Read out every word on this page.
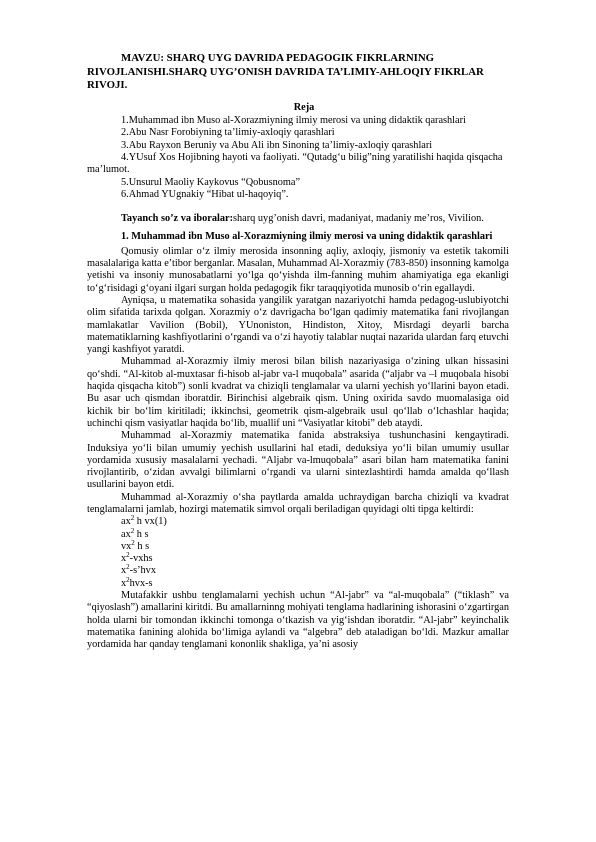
MAVZU: SHARQ UYG DAVRIDA PEDAGOGIK FIKRLARNING RIVOJLANISHI.SHARQ UYG’ONISH DAVRIDA TA’LIMIY-AHLOQIY FIKRLAR RIVOJI.

Reja

1.Muhammad ibn Muso al-Xorazmiyning ilmiy merosi va uning didaktik qarashlari
2.Abu Nasr Forobiyning ta’limiy-axloqiy qarashlari
3.Abu Rayxon Beruniy va Abu Ali ibn Sinoning ta’limiy-axloqiy qarashlari
4.YUsuf Xos Hojibning hayoti va faoliyati. “Qutadg‘u bilig”ning yaratilishi haqida qisqacha ma’lumot.
5.Unsurul Maoliy Kaykovus “Qobusnoma”
6.Ahmad YUgnakiy “Hibat ul-haqoyiq”.

Tayanch so’z va iboralar:sharq uyg’onish davri, madaniyat, madaniy me’ros, Vivilion.

1. Muhammad ibn Muso al-Xorazmiyning ilmiy merosi va uning didaktik qarashlari

Qomusiy olimlar o‘z ilmiy merosida insonning aqliy, axloqiy, jismoniy va estetik takomili masalalariga katta e’tibor berganlar. Masalan, Muhammad Al-Xorazmiy (783-850) insonning kamolga yetishi va insoniy munosabatlarni yo‘lga qo‘yishda ilm-fanning muhim ahamiyatiga ega ekanligi to‘g‘risidagi g‘oyani ilgari surgan holda pedagogik fikr taraqqiyotida munosib o‘rin egallaydi.

Ayniqsa, u matematika sohasida yangilik yaratgan nazariyotchi hamda pedagog-uslubiyotchi olim sifatida tarixda qolgan. Xorazmiy o‘z davrigacha bo‘lgan qadimiy matematika fani rivojlangan mamlakatlar Vavilion (Bobil), YUnoniston, Hindiston, Xitoy, Misrdagi deyarli barcha matematiklarning kashfiyotlarini o‘rgandi va o‘zi hayotiy talablar nuqtai nazarida ulardan farq etuvchi yangi kashfiyot yaratdi.

Muhammad al-Xorazmiy ilmiy merosi bilan bilish nazariyasiga o‘zining ulkan hissasini qo‘shdi. “Al-kitob al-muxtasar fi-hisob al-jabr va-l muqobala” asarida (“aljabr va –l muqobala hisobi haqida qisqacha kitob”) sonli kvadrat va chiziqli tenglamalar va ularni yechish yo‘llarini bayon etadi. Bu asar uch qismdan iboratdir. Birinchisi algebraik qism. Uning oxirida savdo muomalasiga oid kichik bir bo‘lim kiritiladi; ikkinchsi, geometrik qism-algebraik usul qo‘llab o‘lchashlar haqida; uchinchi qism vasiyatlar haqida bo‘lib, muallif uni “Vasiyatlar kitobi” deb ataydi.

Muhammad al-Xorazmiy matematika fanida abstraksiya tushunchasini kengaytiradi. Induksiya yo‘li bilan umumiy yechish usullarini hal etadi, deduksiya yo‘li bilan umumiy usullar yordamida xususiy masalalarni yechadi. “Aljabr va-lmuqobala” asari bilan ham matematika fanini rivojlantirib, o‘zidan avvalgi bilimlarni o‘rgandi va ularni sintezlashtirdi hamda amalda qo‘llash usullarini bayon etdi.

Muhammad al-Xorazmiy o‘sha paytlarda amalda uchraydigan barcha chiziqli va kvadrat tenglamalarni jamlab, hozirgi matematik simvol orqali beriladigan quyidagi olti tipga keltirdi:

$ax^2$ h vx(1)
$ax^2$ h s
$vx^2$ h s
$x^2$-vxhs
$x^2-s’hvx$
$x^2hvx-s$

Mutafakkir ushbu tenglamalarni yechish uchun “Al-jabr” va “al-muqobala” (“tiklash” va “qiyoslash”) amallarini kiritdi. Bu amallarninng mohiyati tenglama hadlarining ishorasini o‘zgartirgan holda ularni bir tomondan ikkinchi tomonga o‘tkazish va yig‘ishdan iboratdir. “Al-jabr” keyinchalik matematika fanining alohida bo‘limiga aylandi va “algebra” deb ataladigan bo‘ldi. Mazkur amallar yordamida har qanday tenglamani kononlik shakliga, ya’ni asosiy
